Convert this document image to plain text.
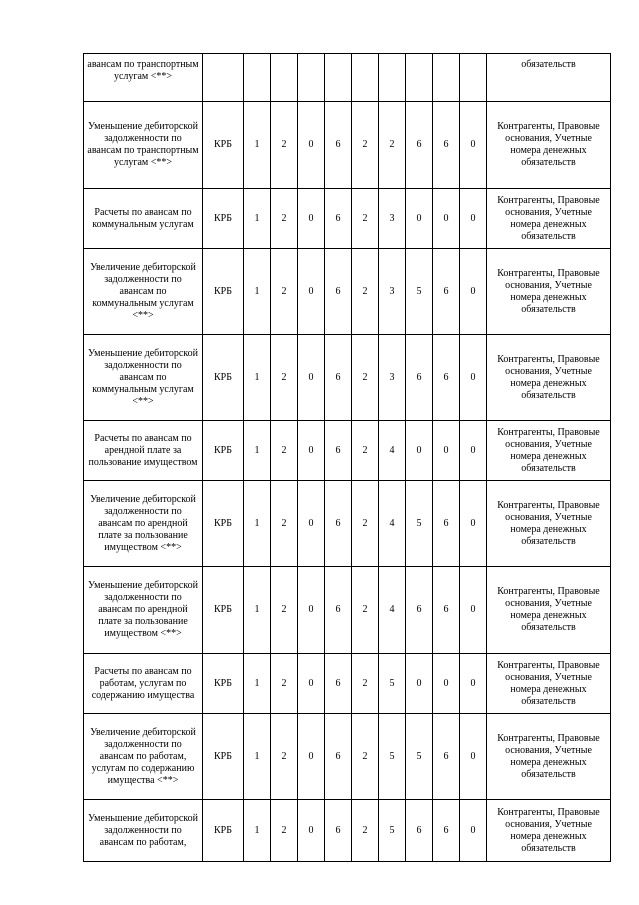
авансам по транспортным услугам <**>											обязательств
Уменьшение дебиторской задолженности по авансам по транспортным услугам <**>	КРБ	1	2	0	6	2	2	6	6	0	Контрагенты, Правовые основания, Учетные номера денежных обязательств
Расчеты по авансам по коммунальным услугам	КРБ	1	2	0	6	2	3	0	0	0	Контрагенты, Правовые основания, Учетные номера денежных обязательств
Увеличение дебиторской задолженности по авансам по коммунальным услугам <**>	КРБ	1	2	0	6	2	3	5	6	0	Контрагенты, Правовые основания, Учетные номера денежных обязательств
Уменьшение дебиторской задолженности по авансам по коммунальным услугам <**>	КРБ	1	2	0	6	2	3	6	6	0	Контрагенты, Правовые основания, Учетные номера денежных обязательств
Расчеты по авансам по арендной плате за пользование имуществом	КРБ	1	2	0	6	2	4	0	0	0	Контрагенты, Правовые основания, Учетные номера денежных обязательств
Увеличение дебиторской задолженности по авансам по арендной плате за пользование имуществом <**>	КРБ	1	2	0	6	2	4	5	6	0	Контрагенты, Правовые основания, Учетные номера денежных обязательств
Уменьшение дебиторской задолженности по авансам по арендной плате за пользование имуществом <**>	КРБ	1	2	0	6	2	4	6	6	0	Контрагенты, Правовые основания, Учетные номера денежных обязательств
Расчеты по авансам по работам, услугам по содержанию имущества	КРБ	1	2	0	6	2	5	0	0	0	Контрагенты, Правовые основания, Учетные номера денежных обязательств
Увеличение дебиторской задолженности по авансам по работам, услугам по содержанию имущества <**>	КРБ	1	2	0	6	2	5	5	6	0	Контрагенты, Правовые основания, Учетные номера денежных обязательств
Уменьшение дебиторской задолженности по авансам по работам,	КРБ	1	2	0	6	2	5	6	6	0	Контрагенты, Правовые основания, Учетные номера денежных обязательств
